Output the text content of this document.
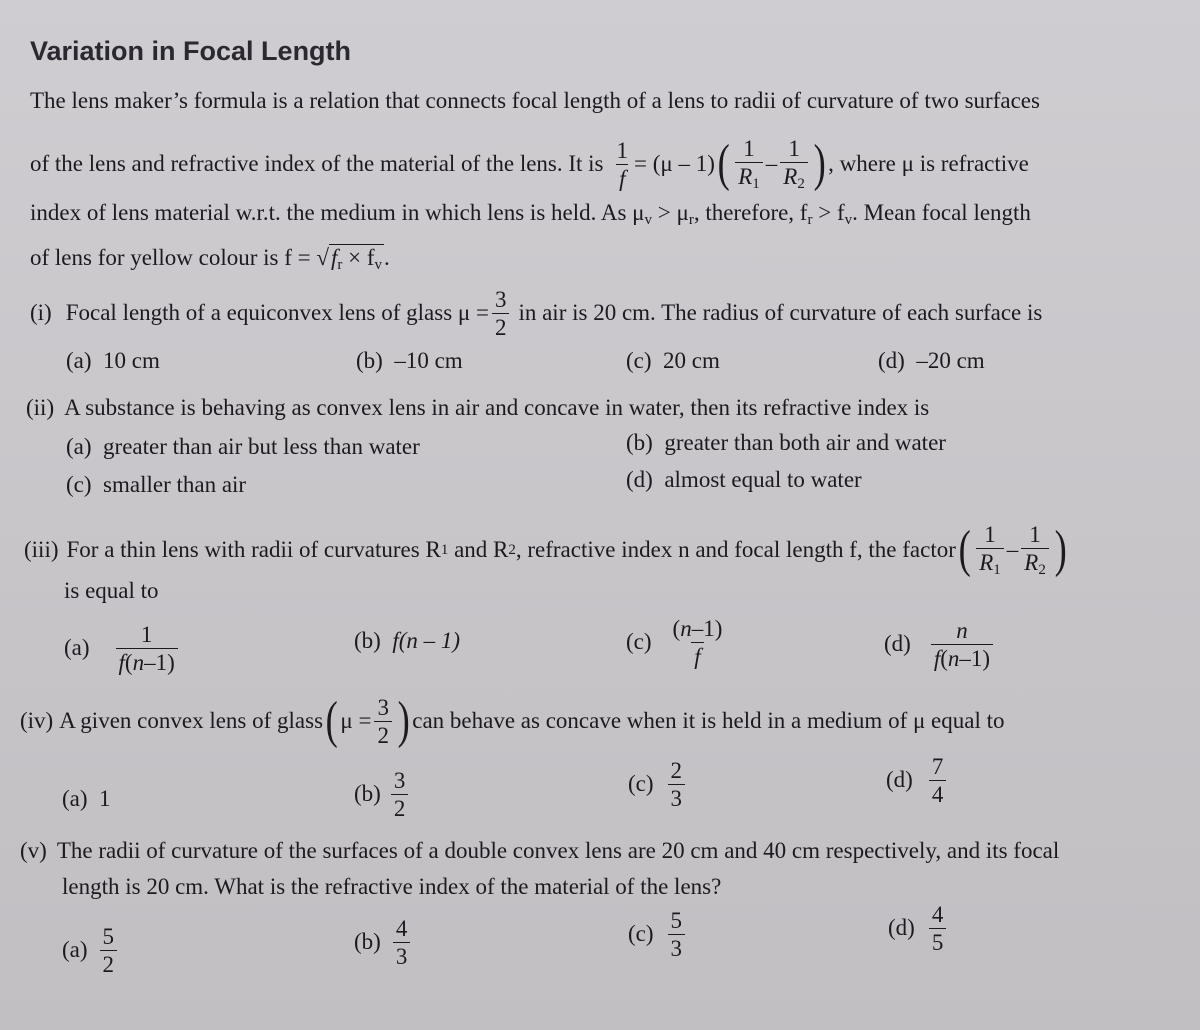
Variation in Focal Length
The lens maker’s formula is a relation that connects focal length of a lens to radii of curvature of two surfaces
of the lens and refractive index of the material of the lens. It is $\frac{1}{f} = (\mu - 1)$ ( $\frac{1}{R_1} - \frac{1}{R_2}$ ) , where μ is refractive
index of lens material w.r.t. the medium in which lens is held. As $\mu_v > \mu_r$, therefore, $f_r > f_v$. Mean focal length
of lens for yellow colour is $f = √f_r \times f_v$.
(i) Focal length of a equiconvex lens of glass $\mu = \frac{3}{2}$ in air is 20 cm. The radius of curvature of each surface is
(a) 10 cm	(b) –10 cm	(c) 20 cm	(d) –20 cm
(ii) A substance is behaving as convex lens in air and concave in water, then its refractive index is
(a) greater than air but less than water	(b) greater than both air and water
(c) smaller than air	(d) almost equal to water
(iii) For a thin lens with radii of curvatures R 1
and R 2 , refractive index n and focal length f, the factor ( $\frac{1}{R_1} - \frac{1}{R_2}$ )
is equal to
$(a) \frac{1}{f(n-1)}$	(b) f(n – 1)	$(c) \frac{(n-1)}{f}$	$(d) \frac{n}{f(n-1)}$
(iv) A given convex lens of glass ( $\mu = \frac{3}{2}$ ) can behave as concave when it is held in a medium of μ equal to
(a) 1	$(b) \frac{3}{2}$	$(c) \frac{2}{3}$	$(d) \frac{7}{4}$
(v) The radii of curvature of the surfaces of a double convex lens are 20 cm and 40 cm respectively, and its focal
length is 20 cm. What is the refractive index of the material of the lens?
$(a) \frac{5}{2}$	$(b) \frac{4}{3}$	$(c) \frac{5}{3}$	$(d) \frac{4}{5}$
